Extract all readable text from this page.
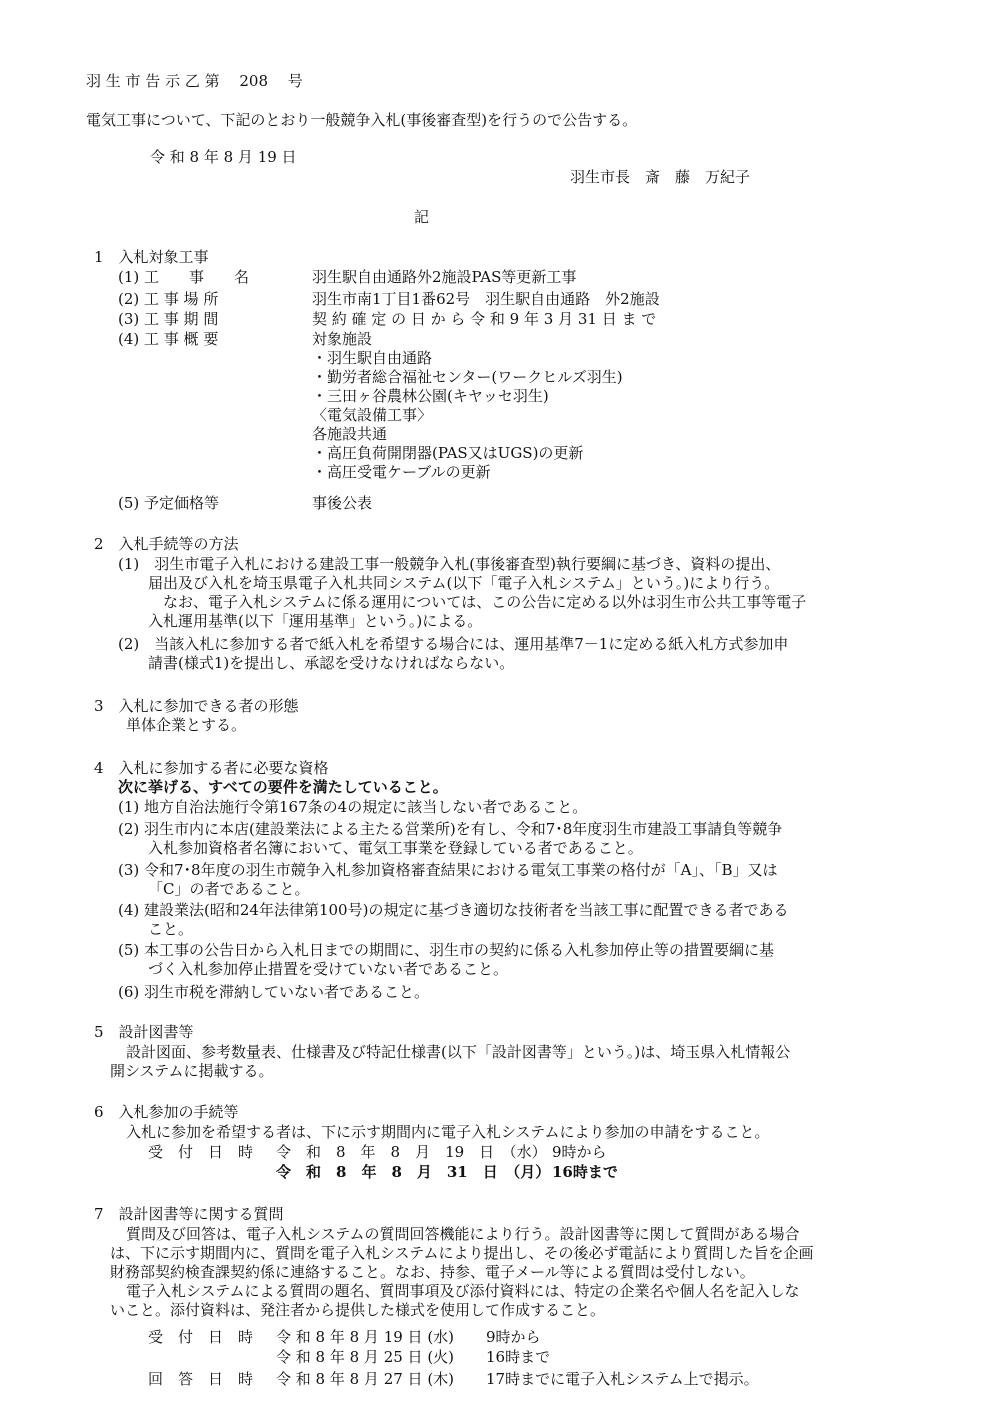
羽 生 市 告 示 乙 第　 208　 号
電気工事について、下記のとおり一般競争入札(事後審査型)を行うので公告する。
令 和 8 年 8 月 19 日
羽生市長　斎　藤　万紀子
記
1　入札対象工事
(1) 工　　事　　名	羽生駅自由通路外2施設PAS等更新工事
(2) 工 事 場 所	羽生市南1丁目1番62号　羽生駅自由通路　外2施設
(3) 工 事 期 間	契 約 確 定 の 日 か ら 令 和 9 年 3 月 31 日 ま で
(4) 工 事 概 要	対象施設
・羽生駅自由通路
・勤労者総合福祉センター(ワークヒルズ羽生)
・三田ヶ谷農林公園(キヤッセ羽生)
〈電気設備工事〉
各施設共通
・高圧負荷開閉器(PAS又はUGS)の更新
・高圧受電ケーブルの更新
(5) 予定価格等	事後公表
2　入札手続等の方法
(1)　羽生市電子入札における建設工事一般競争入札(事後審査型)執行要綱に基づき、資料の提出、
届出及び入札を埼玉県電子入札共同システム(以下「電子入札システム」という。)により行う。
なお、電子入札システムに係る運用については、この公告に定める以外は羽生市公共工事等電子
入札運用基準(以下「運用基準」という。)による。
(2)　当該入札に参加する者で紙入札を希望する場合には、運用基準7－1に定める紙入札方式参加申
請書(様式1)を提出し、承認を受けなければならない。
3　入札に参加できる者の形態
単体企業とする。
4　入札に参加する者に必要な資格
次に挙げる、すべての要件を満たしていること。
(1) 地方自治法施行令第167条の4の規定に該当しない者であること。
(2) 羽生市内に本店(建設業法による主たる営業所)を有し、令和7･8年度羽生市建設工事請負等競争
入札参加資格者名簿において、電気工事業を登録している者であること。
(3) 令和7･8年度の羽生市競争入札参加資格審査結果における電気工事業の格付が「A」、「B」又は
「C」の者であること。
(4) 建設業法(昭和24年法律第100号)の規定に基づき適切な技術者を当該工事に配置できる者である
こと。
(5) 本工事の公告日から入札日までの期間に、羽生市の契約に係る入札参加停止等の措置要綱に基
づく入札参加停止措置を受けていない者であること。
(6) 羽生市税を滞納していない者であること。
5　設計図書等
設計図面、参考数量表、仕様書及び特記仕様書(以下「設計図書等」という。)は、埼玉県入札情報公
開システムに掲載する。
6　入札参加の手続等
入札に参加を希望する者は、下に示す期間内に電子入札システムにより参加の申請をすること。
受　付　日　時 令　和　8　年　8　月　19　日　（水） 9時から
令　和　8　年　8　月　31　日　（月） 16時まで
7　設計図書等に関する質問
質問及び回答は、電子入札システムの質問回答機能により行う。設計図書等に関して質問がある場合
は、下に示す期間内に、質問を電子入札システムにより提出し、その後必ず電話により質問した旨を企画
財務部契約検査課契約係に連絡すること。なお、持参、電子メール等による質問は受付しない。
電子入札システムによる質問の題名、質問事項及び添付資料には、特定の企業名や個人名を記入しな
いこと。添付資料は、発注者から提供した様式を使用して作成すること。
受　付　日　時 令 和 8 年 8 月 19 日 (水) 9時から
令 和 8 年 8 月 25 日 (火) 16時まで
回　答　日　時 令 和 8 年 8 月 27 日 (木) 17時までに電子入札システム上で掲示。
